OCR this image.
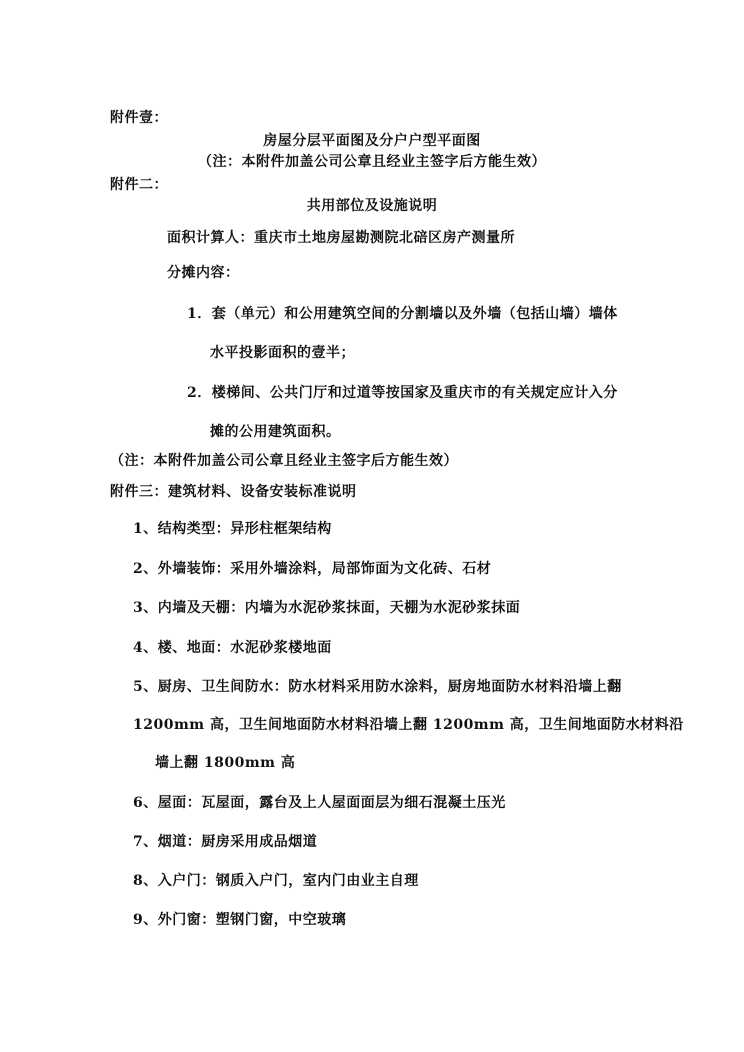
附件壹：
房屋分层平面图及分户户型平面图
（注：本附件加盖公司公章且经业主签字后方能生效）
附件二：
共用部位及设施说明
面积计算人：重庆市土地房屋勘测院北碚区房产测量所
分摊内容：
1．套（单元）和公用建筑空间的分割墙以及外墙（包括山墙）墙体
水平投影面积的壹半；
2．楼梯间、公共门厅和过道等按国家及重庆市的有关规定应计入分
摊的公用建筑面积。
（注：本附件加盖公司公章且经业主签字后方能生效）
附件三：建筑材料、设备安装标准说明
1、结构类型：异形柱框架结构
2、外墙装饰：采用外墙涂料，局部饰面为文化砖、石材
3、内墙及天棚：内墙为水泥砂浆抹面，天棚为水泥砂浆抹面
4、楼、地面：水泥砂浆楼地面
5、厨房、卫生间防水：防水材料采用防水涂料，厨房地面防水材料沿墙上翻
1200mm 高，卫生间地面防水材料沿墙上翻 1200mm 高，卫生间地面防水材料沿
墙上翻 1800mm 高
6、屋面：瓦屋面，露台及上人屋面面层为细石混凝土压光
7、烟道：厨房采用成品烟道
8、入户门：钢质入户门，室内门由业主自理
9、外门窗：塑钢门窗，中空玻璃
